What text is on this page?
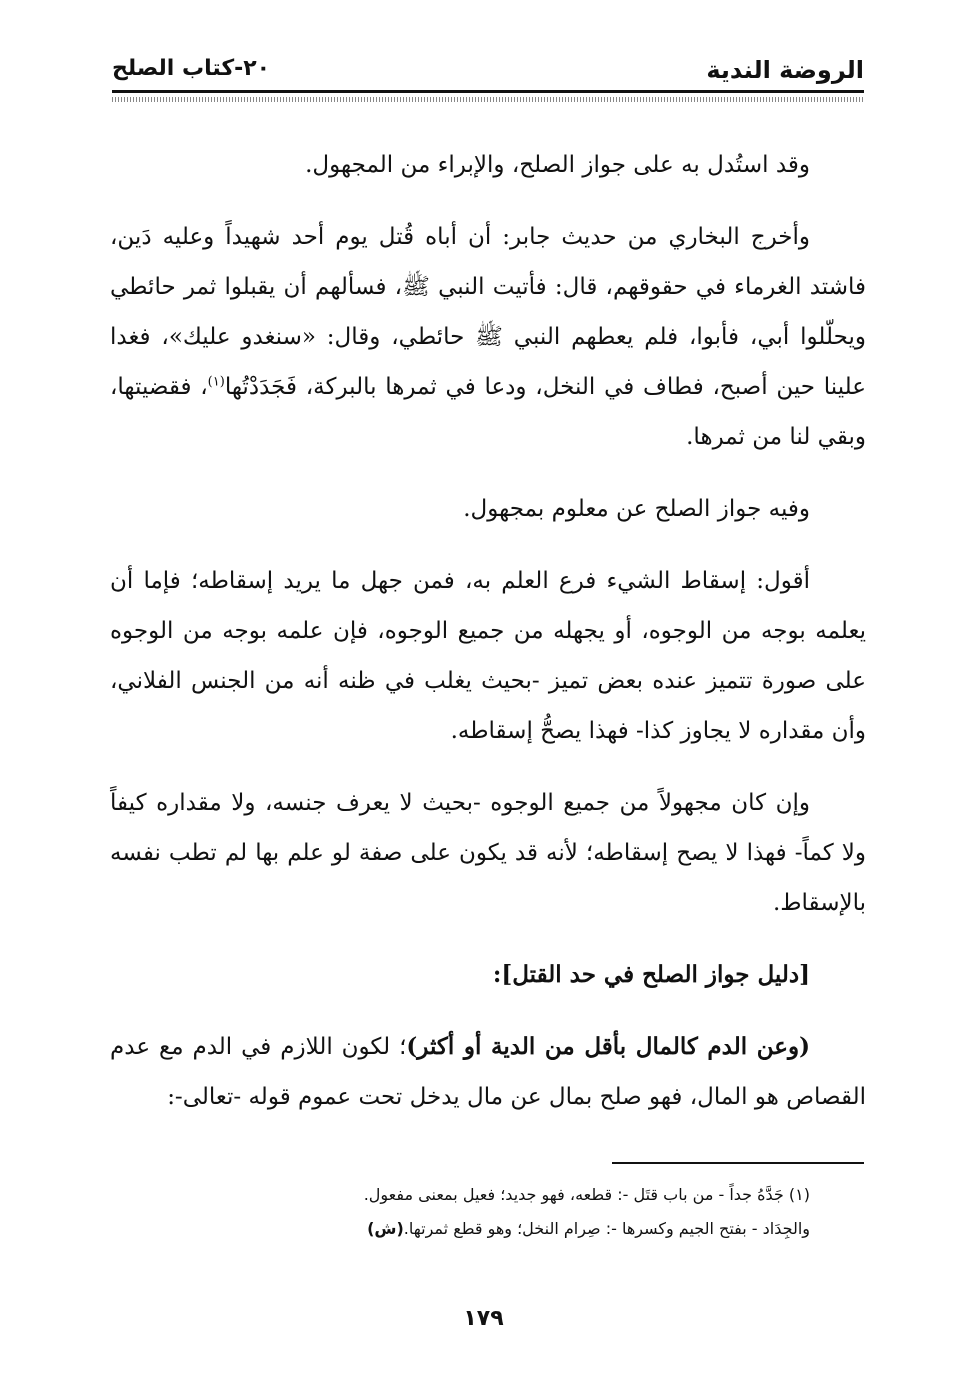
الروضة الندية
٢٠-كتاب الصلح

وقد استُدل به على جواز الصلح، والإبراء من المجهول.

وأخرج البخاري من حديث جابر: أن أباه قُتل يوم أحد شهيداً وعليه دَين، فاشتد الغرماء في حقوقهم، قال: فأتيت النبي ﷺ، فسألهم أن يقبلوا ثمر حائطي ويحلّلوا أبي، فأبوا، فلم يعطهم النبي ﷺ حائطي، وقال: «سنغدو عليك»، فغدا علينا حين أصبح، فطاف في النخل، ودعا في ثمرها بالبركة، فَجَدَدْتُها$^{(١)}$، فقضيتها، وبقي لنا من ثمرها.

وفيه جواز الصلح عن معلوم بمجهول.

أقول: إسقاط الشيء فرع العلم به، فمن جهل ما يريد إسقاطه؛ فإما أن يعلمه بوجه من الوجوه، أو يجهله من جميع الوجوه، فإن علمه بوجه من الوجوه على صورة تتميز عنده بعض تميز -بحيث يغلب في ظنه أنه من الجنس الفلاني، وأن مقداره لا يجاوز كذا- فهذا يصحُّ إسقاطه.

وإن كان مجهولاً من جميع الوجوه -بحيث لا يعرف جنسه، ولا مقداره كيفاً ولا كماً- فهذا لا يصح إسقاطه؛ لأنه قد يكون على صفة لو علم بها لم تطب نفسه بالإسقاط.

[دليل جواز الصلح في حد القتل]:

(وعن الدم كالمال بأقل من الدية أو أكثر)؛ لكون اللازم في الدم مع عدم القصاص هو المال، فهو صلح بمال عن مال يدخل تحت عموم قوله -تعالى-:

(١) جَدَّهُ جداً - من باب قتَل -: قطعه، فهو جديد؛ فعيل بمعنى مفعول.
والجِدَاد - بفتح الجيم وكسرها -: صِرام النخل؛ وهو قطع ثمرتها.(ش)
١٧٩
